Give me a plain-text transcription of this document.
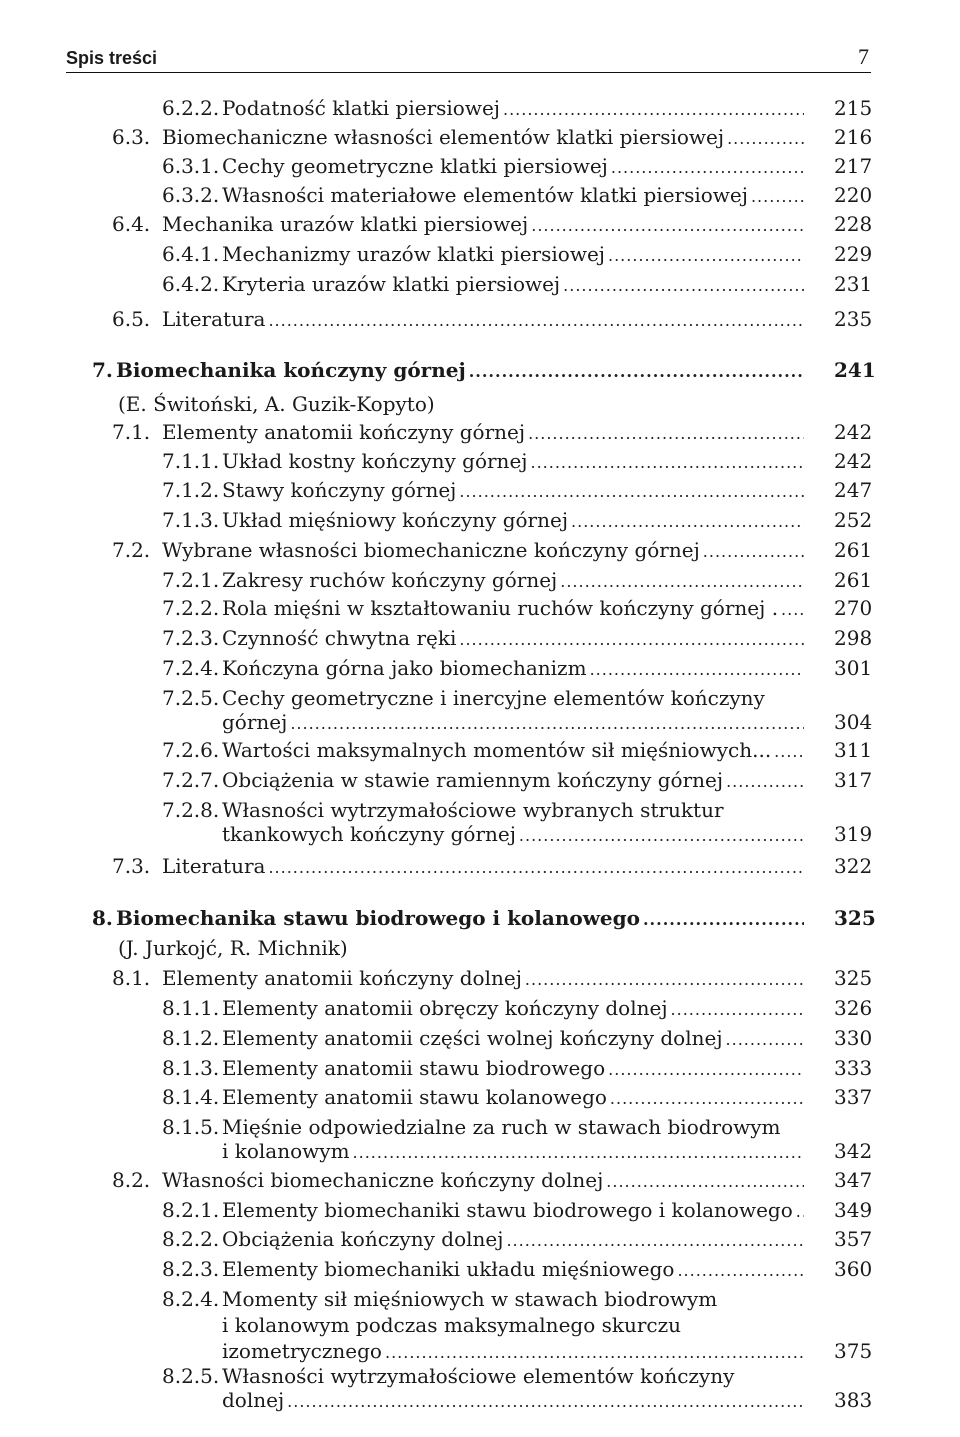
Spis treści	7
6.2.2. Podatność klatki piersiowej .....	215
6.3. Biomechaniczne własności elementów klatki piersiowej .....	216
6.3.1. Cechy geometryczne klatki piersiowej .....	217
6.3.2. Własności materiałowe elementów klatki piersiowej .....	220
6.4. Mechanika urazów klatki piersiowej .....	228
6.4.1. Mechanizmy urazów klatki piersiowej .....	229
6.4.2. Kryteria urazów klatki piersiowej .....	231
6.5. Literatura .....	235
7. Biomechanika kończyny górnej .....	241
7.1. Elementy anatomii kończyny górnej .....	242
7.1.1. Układ kostny kończyny górnej .....	242
7.1.2. Stawy kończyny górnej .....	247
7.1.3. Układ mięśniowy kończyny górnej .....	252
7.2. Wybrane własności biomechaniczne kończyny górnej .....	261
7.2.1. Zakresy ruchów kończyny górnej .....	261
7.2.2. Rola mięśni w kształtowaniu ruchów kończyny górnej . .....	270
7.2.3. Czynność chwytna ręki .....	298
7.2.4. Kończyna górna jako biomechanizm .....	301
7.2.5. Cechy geometryczne i inercyjne elementów kończyny
górnej .....	304
7.2.6. Wartości maksymalnych momentów sił mięśniowych... .....	311
7.2.7. Obciążenia w stawie ramiennym kończyny górnej .....	317
7.2.8. Własności wytrzymałościowe wybranych struktur
tkankowych kończyny górnej .....	319
7.3. Literatura .....	322
8. Biomechanika stawu biodrowego i kolanowego .....	325
8.1. Elementy anatomii kończyny dolnej .....	325
8.1.1. Elementy anatomii obręczy kończyny dolnej .....	326
8.1.2. Elementy anatomii części wolnej kończyny dolnej .....	330
8.1.3. Elementy anatomii stawu biodrowego .....	333
8.1.4. Elementy anatomii stawu kolanowego .....	337
8.1.5. Mięśnie odpowiedzialne za ruch w stawach biodrowym
i kolanowym .....	342
8.2. Własności biomechaniczne kończyny dolnej .....	347
8.2.1. Elementy biomechaniki stawu biodrowego i kolanowego ..... 349
8.2.2. Obciążenia kończyny dolnej .....	357
8.2.3. Elementy biomechaniki układu mięśniowego .....	360
8.2.4. Momenty sił mięśniowych w stawach biodrowym
i kolanowym podczas maksymalnego skurczu
izometrycznego .....	375
8.2.5. Własności wytrzymałościowe elementów kończyny
dolnej .....	383
(E. Świtoński, A. Guzik-Kopyto)
(J. Jurkojć, R. Michnik)
